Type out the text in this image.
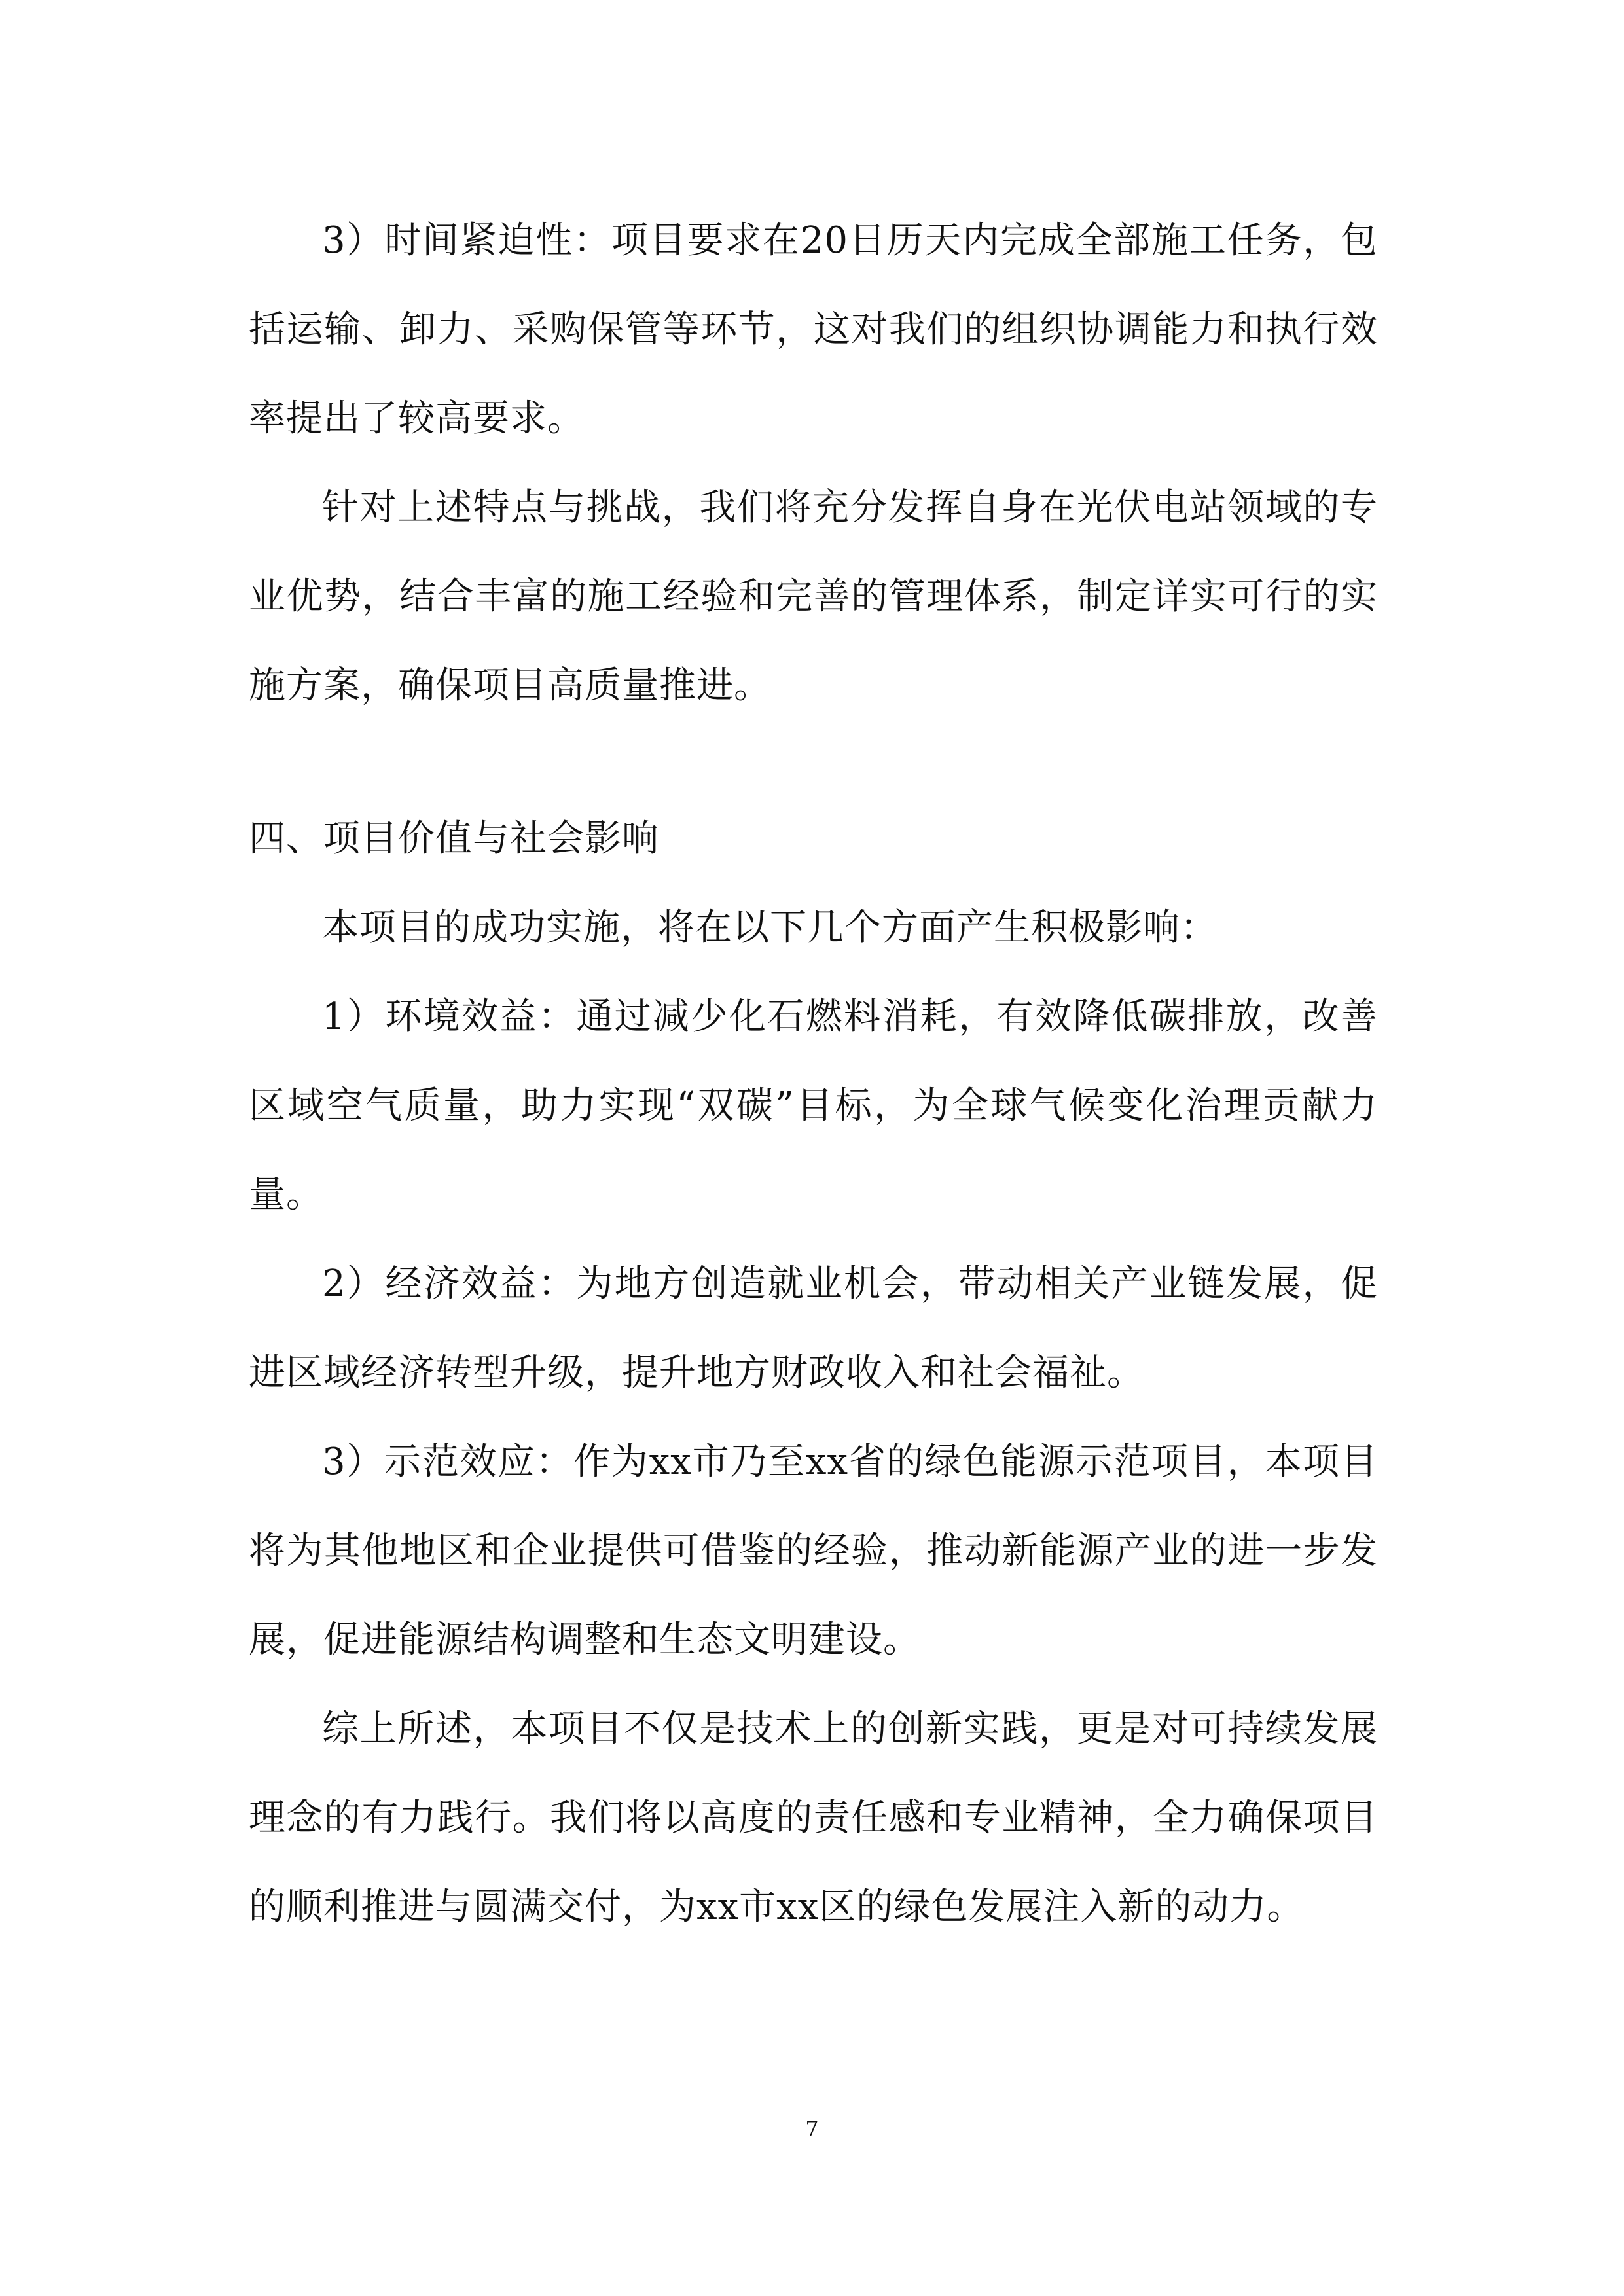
3）时间紧迫性：项目要求在20日历天内完成全部施工任务，包括运输、卸力、采购保管等环节，这对我们的组织协调能力和执行效率提出了较高要求。

针对上述特点与挑战，我们将充分发挥自身在光伏电站领域的专业优势，结合丰富的施工经验和完善的管理体系，制定详实可行的实施方案，确保项目高质量推进。

四、项目价值与社会影响

本项目的成功实施，将在以下几个方面产生积极影响：

1）环境效益：通过减少化石燃料消耗，有效降低碳排放，改善区域空气质量，助力实现“双碳”目标，为全球气候变化治理贡献力量。

2）经济效益：为地方创造就业机会，带动相关产业链发展，促进区域经济转型升级，提升地方财政收入和社会福祉。

3）示范效应：作为xx市乃至xx省的绿色能源示范项目，本项目将为其他地区和企业提供可借鉴的经验，推动新能源产业的进一步发展，促进能源结构调整和生态文明建设。

综上所述，本项目不仅是技术上的创新实践，更是对可持续发展理念的有力践行。我们将以高度的责任感和专业精神，全力确保项目的顺利推进与圆满交付，为xx市xx区的绿色发展注入新的动力。

7
